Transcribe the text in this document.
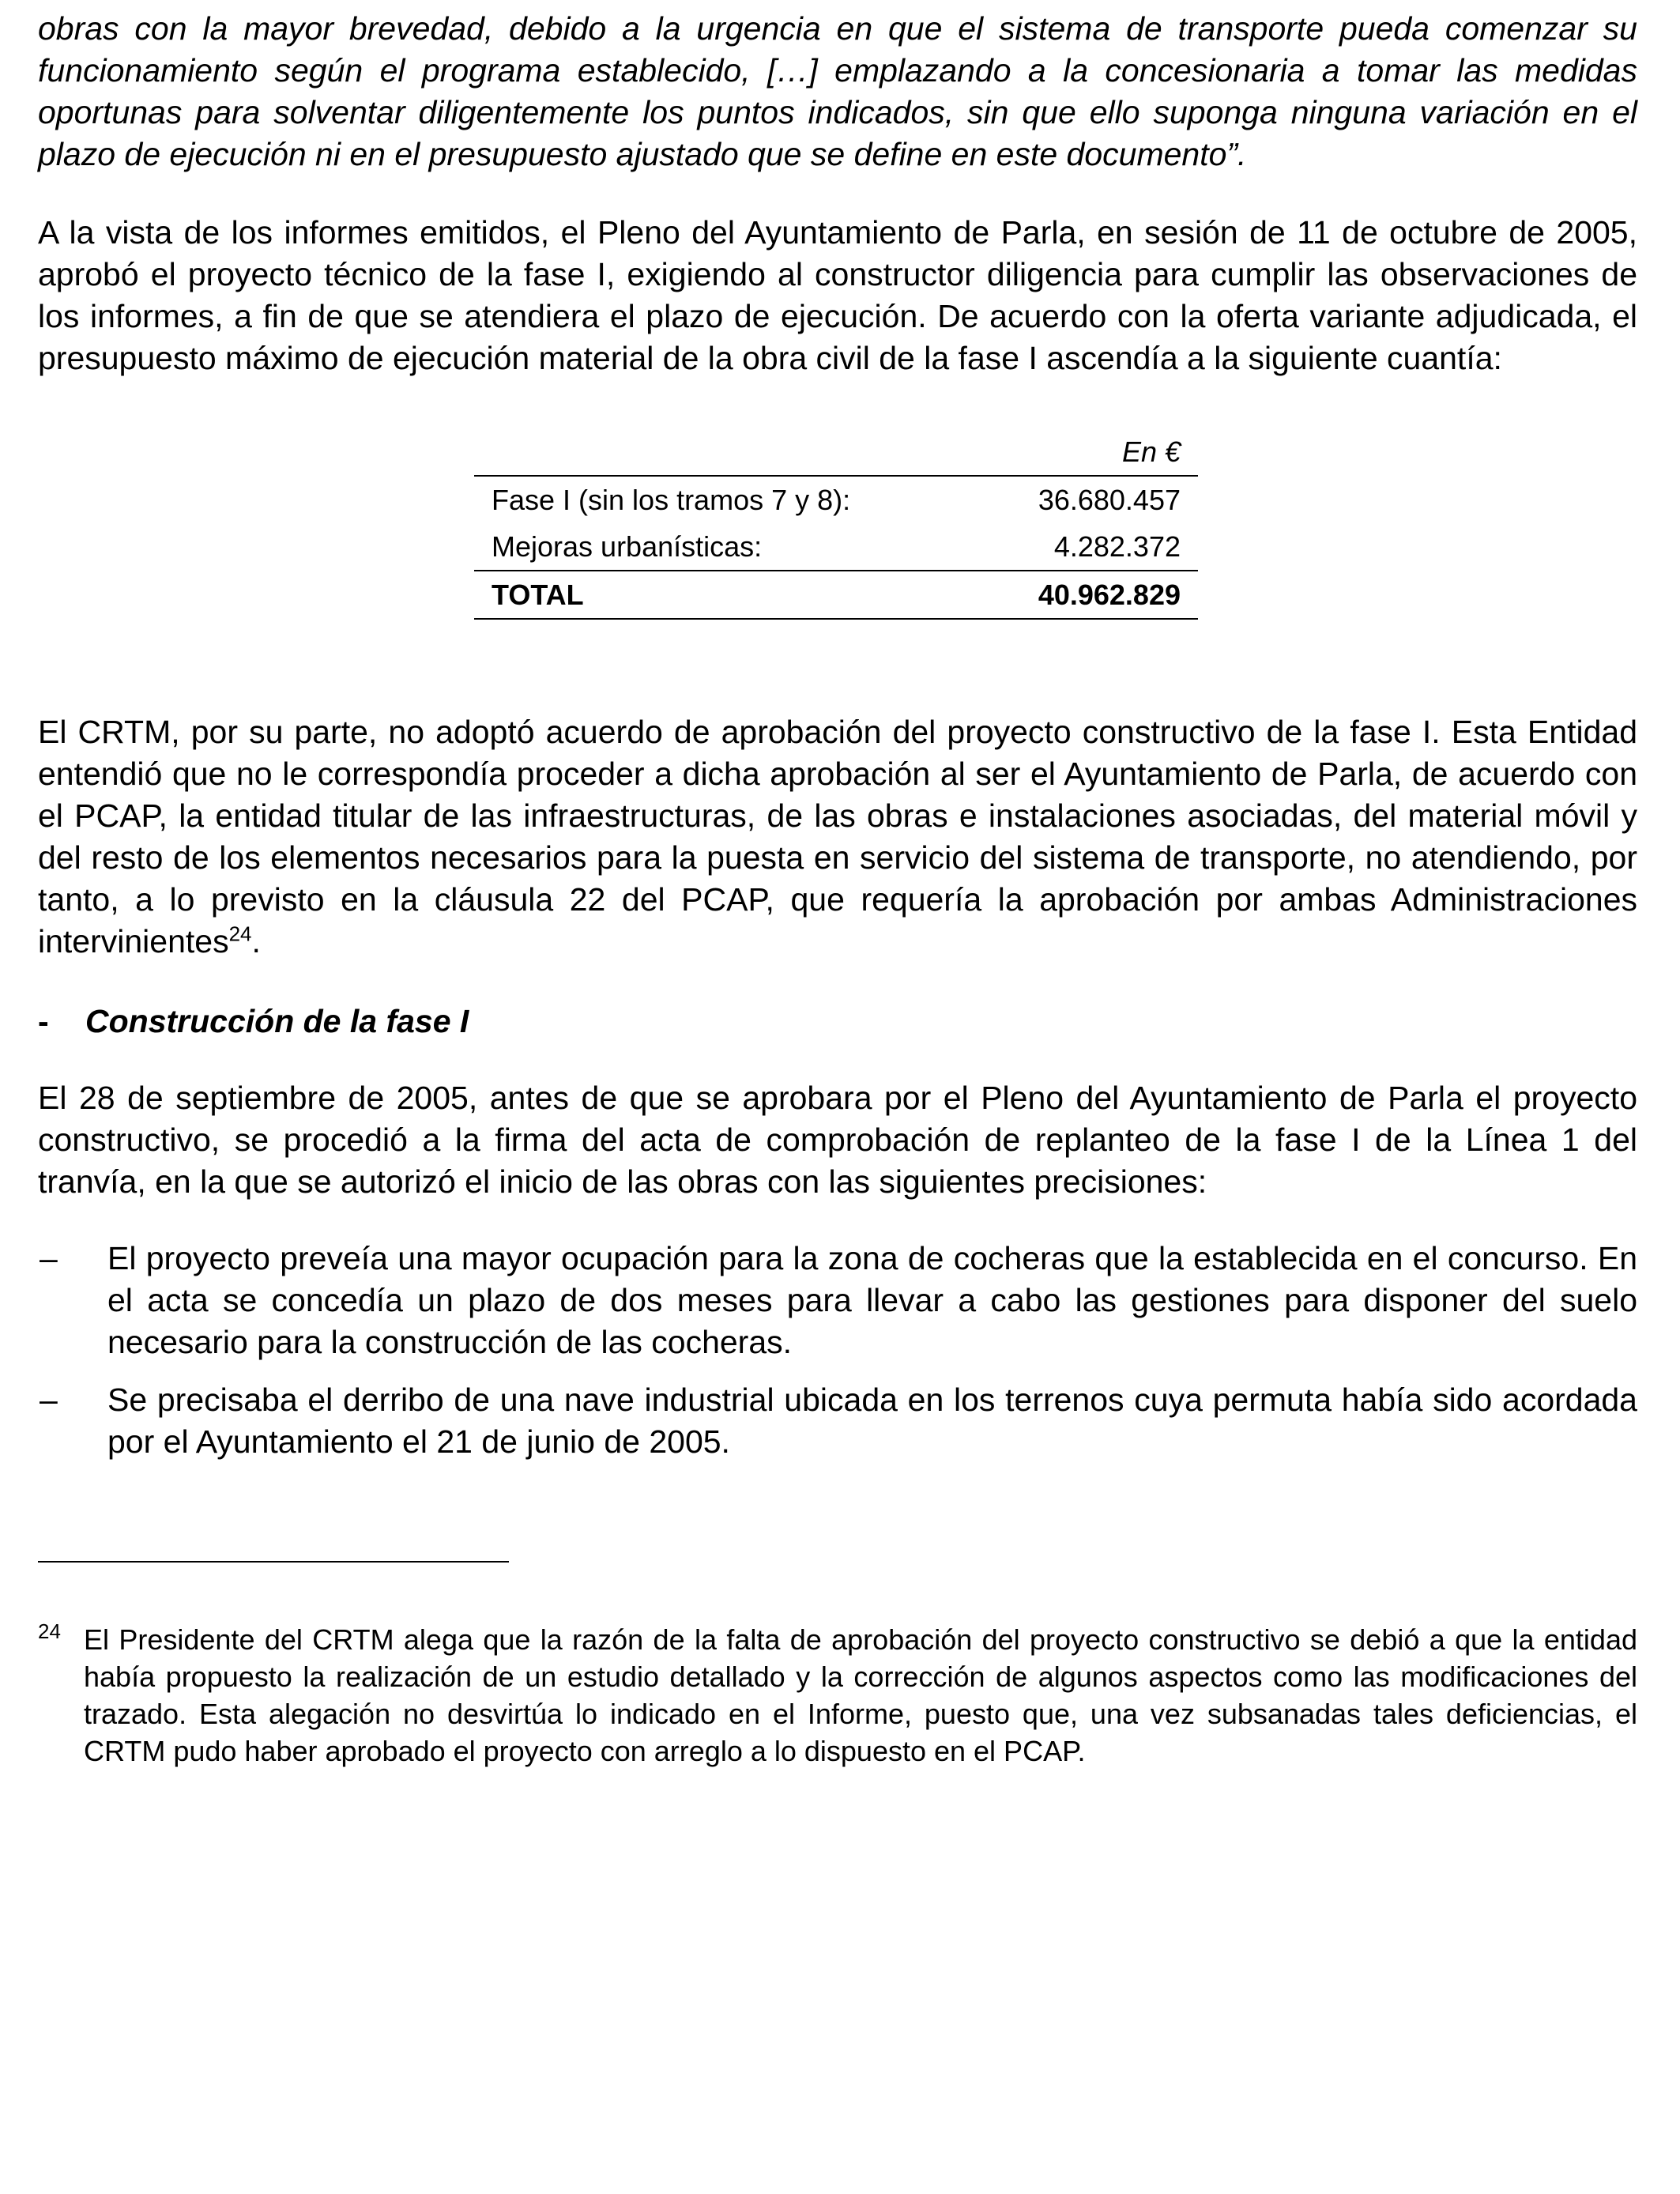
obras con la mayor brevedad, debido a la urgencia en que el sistema de transporte pueda comenzar su funcionamiento según el programa establecido, […] emplazando a la concesionaria a tomar las medidas oportunas para solventar diligentemente los puntos indicados, sin que ello suponga ninguna variación en el plazo de ejecución ni en el presupuesto ajustado que se define en este documento”.

A la vista de los informes emitidos, el Pleno del Ayuntamiento de Parla, en sesión de 11 de octubre de 2005, aprobó el proyecto técnico de la fase I, exigiendo al constructor diligencia para cumplir las observaciones de los informes, a fin de que se atendiera el plazo de ejecución. De acuerdo con la oferta variante adjudicada, el presupuesto máximo de ejecución material de la obra civil de la fase I ascendía a la siguiente cuantía:

	En €
Fase I (sin los tramos 7 y 8):	36.680.457
Mejoras urbanísticas:	4.282.372
TOTAL	40.962.829

El CRTM, por su parte, no adoptó acuerdo de aprobación del proyecto constructivo de la fase I. Esta Entidad entendió que no le correspondía proceder a dicha aprobación al ser el Ayuntamiento de Parla, de acuerdo con el PCAP, la entidad titular de las infraestructuras, de las obras e instalaciones asociadas, del material móvil y del resto de los elementos necesarios para la puesta en servicio del sistema de transporte, no atendiendo, por tanto, a lo previsto en la cláusula 22 del PCAP, que requería la aprobación por ambas Administraciones intervinientes$^{24}$.

-	Construcción de la fase I

El 28 de septiembre de 2005, antes de que se aprobara por el Pleno del Ayuntamiento de Parla el proyecto constructivo, se procedió a la firma del acta de comprobación de replanteo de la fase I de la Línea 1 del tranvía, en la que se autorizó el inicio de las obras con las siguientes precisiones:

–	El proyecto preveía una mayor ocupación para la zona de cocheras que la establecida en el concurso. En el acta se concedía un plazo de dos meses para llevar a cabo las gestiones para disponer del suelo necesario para la construcción de las cocheras.
–	Se precisaba el derribo de una nave industrial ubicada en los terrenos cuya permuta había sido acordada por el Ayuntamiento el 21 de junio de 2005.
24 El Presidente del CRTM alega que la razón de la falta de aprobación del proyecto constructivo se debió a que la entidad había propuesto la realización de un estudio detallado y la corrección de algunos aspectos como las modificaciones del trazado. Esta alegación no desvirtúa lo indicado en el Informe, puesto que, una vez subsanadas tales deficiencias, el CRTM pudo haber aprobado el proyecto con arreglo a lo dispuesto en el PCAP.
